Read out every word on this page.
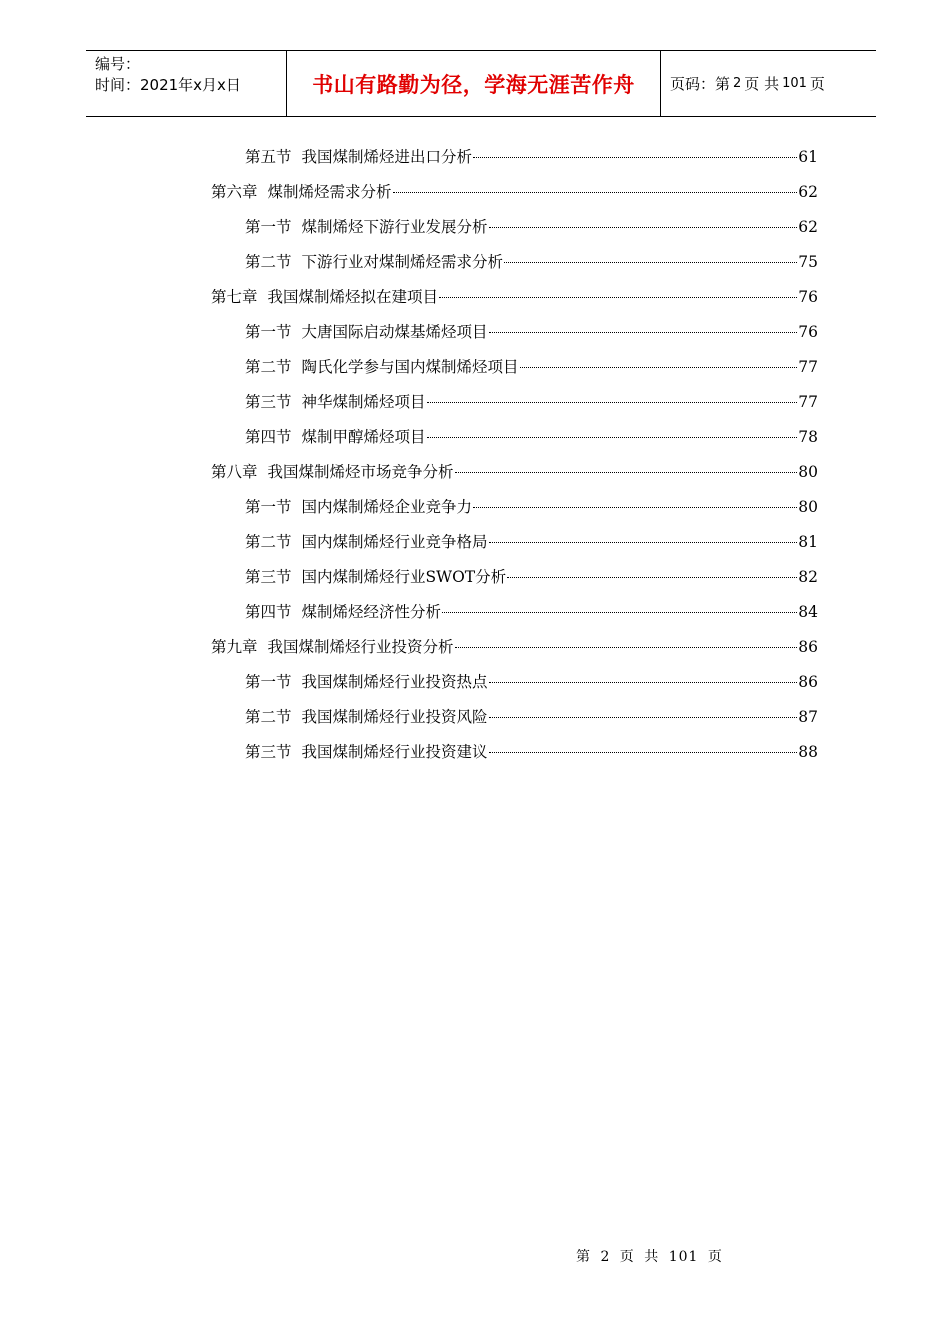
编号：
时间：2021年x月x日	书山有路勤为径，学海无涯苦作舟 页码：第 2 页 共 101 页
第五节 我国煤制烯烃进出口分析	61
第六章 煤制烯烃需求分析	62
第一节 煤制烯烃下游行业发展分析	62
第二节 下游行业对煤制烯烃需求分析	75
第七章 我国煤制烯烃拟在建项目	76
第一节 大唐国际启动煤基烯烃项目	76
第二节 陶氏化学参与国内煤制烯烃项目	77
第三节 神华煤制烯烃项目	77
第四节 煤制甲醇烯烃项目	78
第八章 我国煤制烯烃市场竞争分析	80
第一节 国内煤制烯烃企业竞争力	80
第二节 国内煤制烯烃行业竞争格局	81
第三节 国内煤制烯烃行业SWOT分析	82
第四节 煤制烯烃经济性分析	84
第九章 我国煤制烯烃行业投资分析	86
第一节 我国煤制烯烃行业投资热点	86
第二节 我国煤制烯烃行业投资风险	87
第三节 我国煤制烯烃行业投资建议	88
第 2 页 共 101 页
